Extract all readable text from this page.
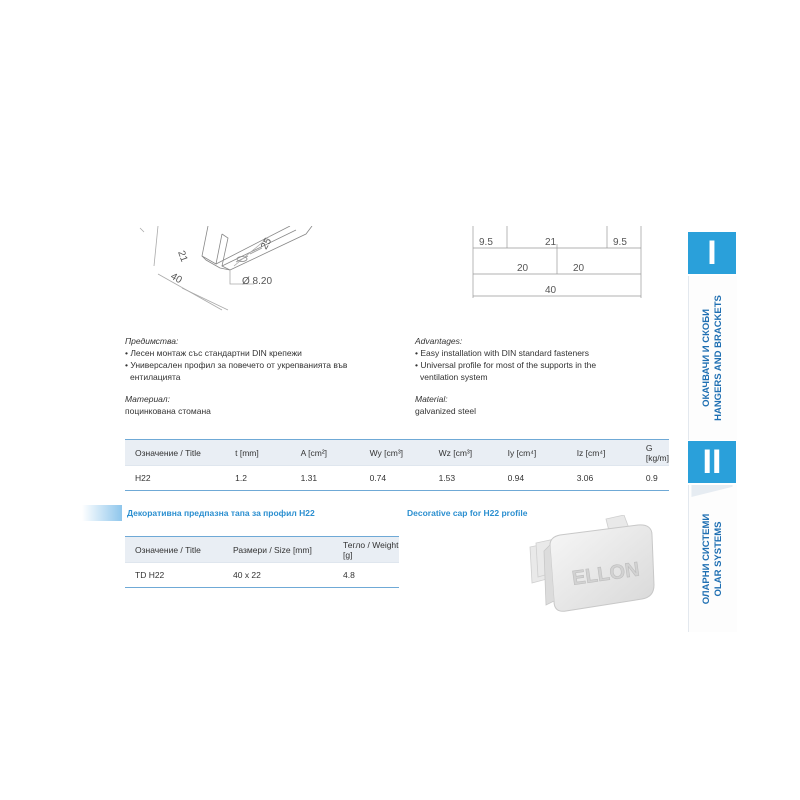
21
25
40	Ø 8.20
9.5	21	9.5
20	20
40
Предимства:
• Лесен монтаж със стандартни DIN крепежи
• Универсален профил за повечето от укрепванията във
ентилацията
Материал:
поцинкована стомана
Advantages:
• Easy installation with DIN standard fasteners
• Universal profile for most of the supports in the
ventilation system
Material:
galvanized steel
Означение / Title	t [mm]	A [cm²]	Wy [cm³]	Wz [cm³]	Iy [cm⁴]	Iz [cm⁴]	G [kg/m]
H22	1.2	1.31	0.74	1.53	0.94	3.06	0.9
Декоративна предпазна тапа за профил H22	Decorative cap for H22 profile
Означение / Title	Размери / Size [mm]	Тегло / Weight [g]
TD H22	40 x 22	4.8	ELLON
I
ОКАЧВАЧИ И СКОБИ HANGERS AND BRACKETS
II
ОЛАРНИ СИСТЕМИ OLAR SYSTEMS
